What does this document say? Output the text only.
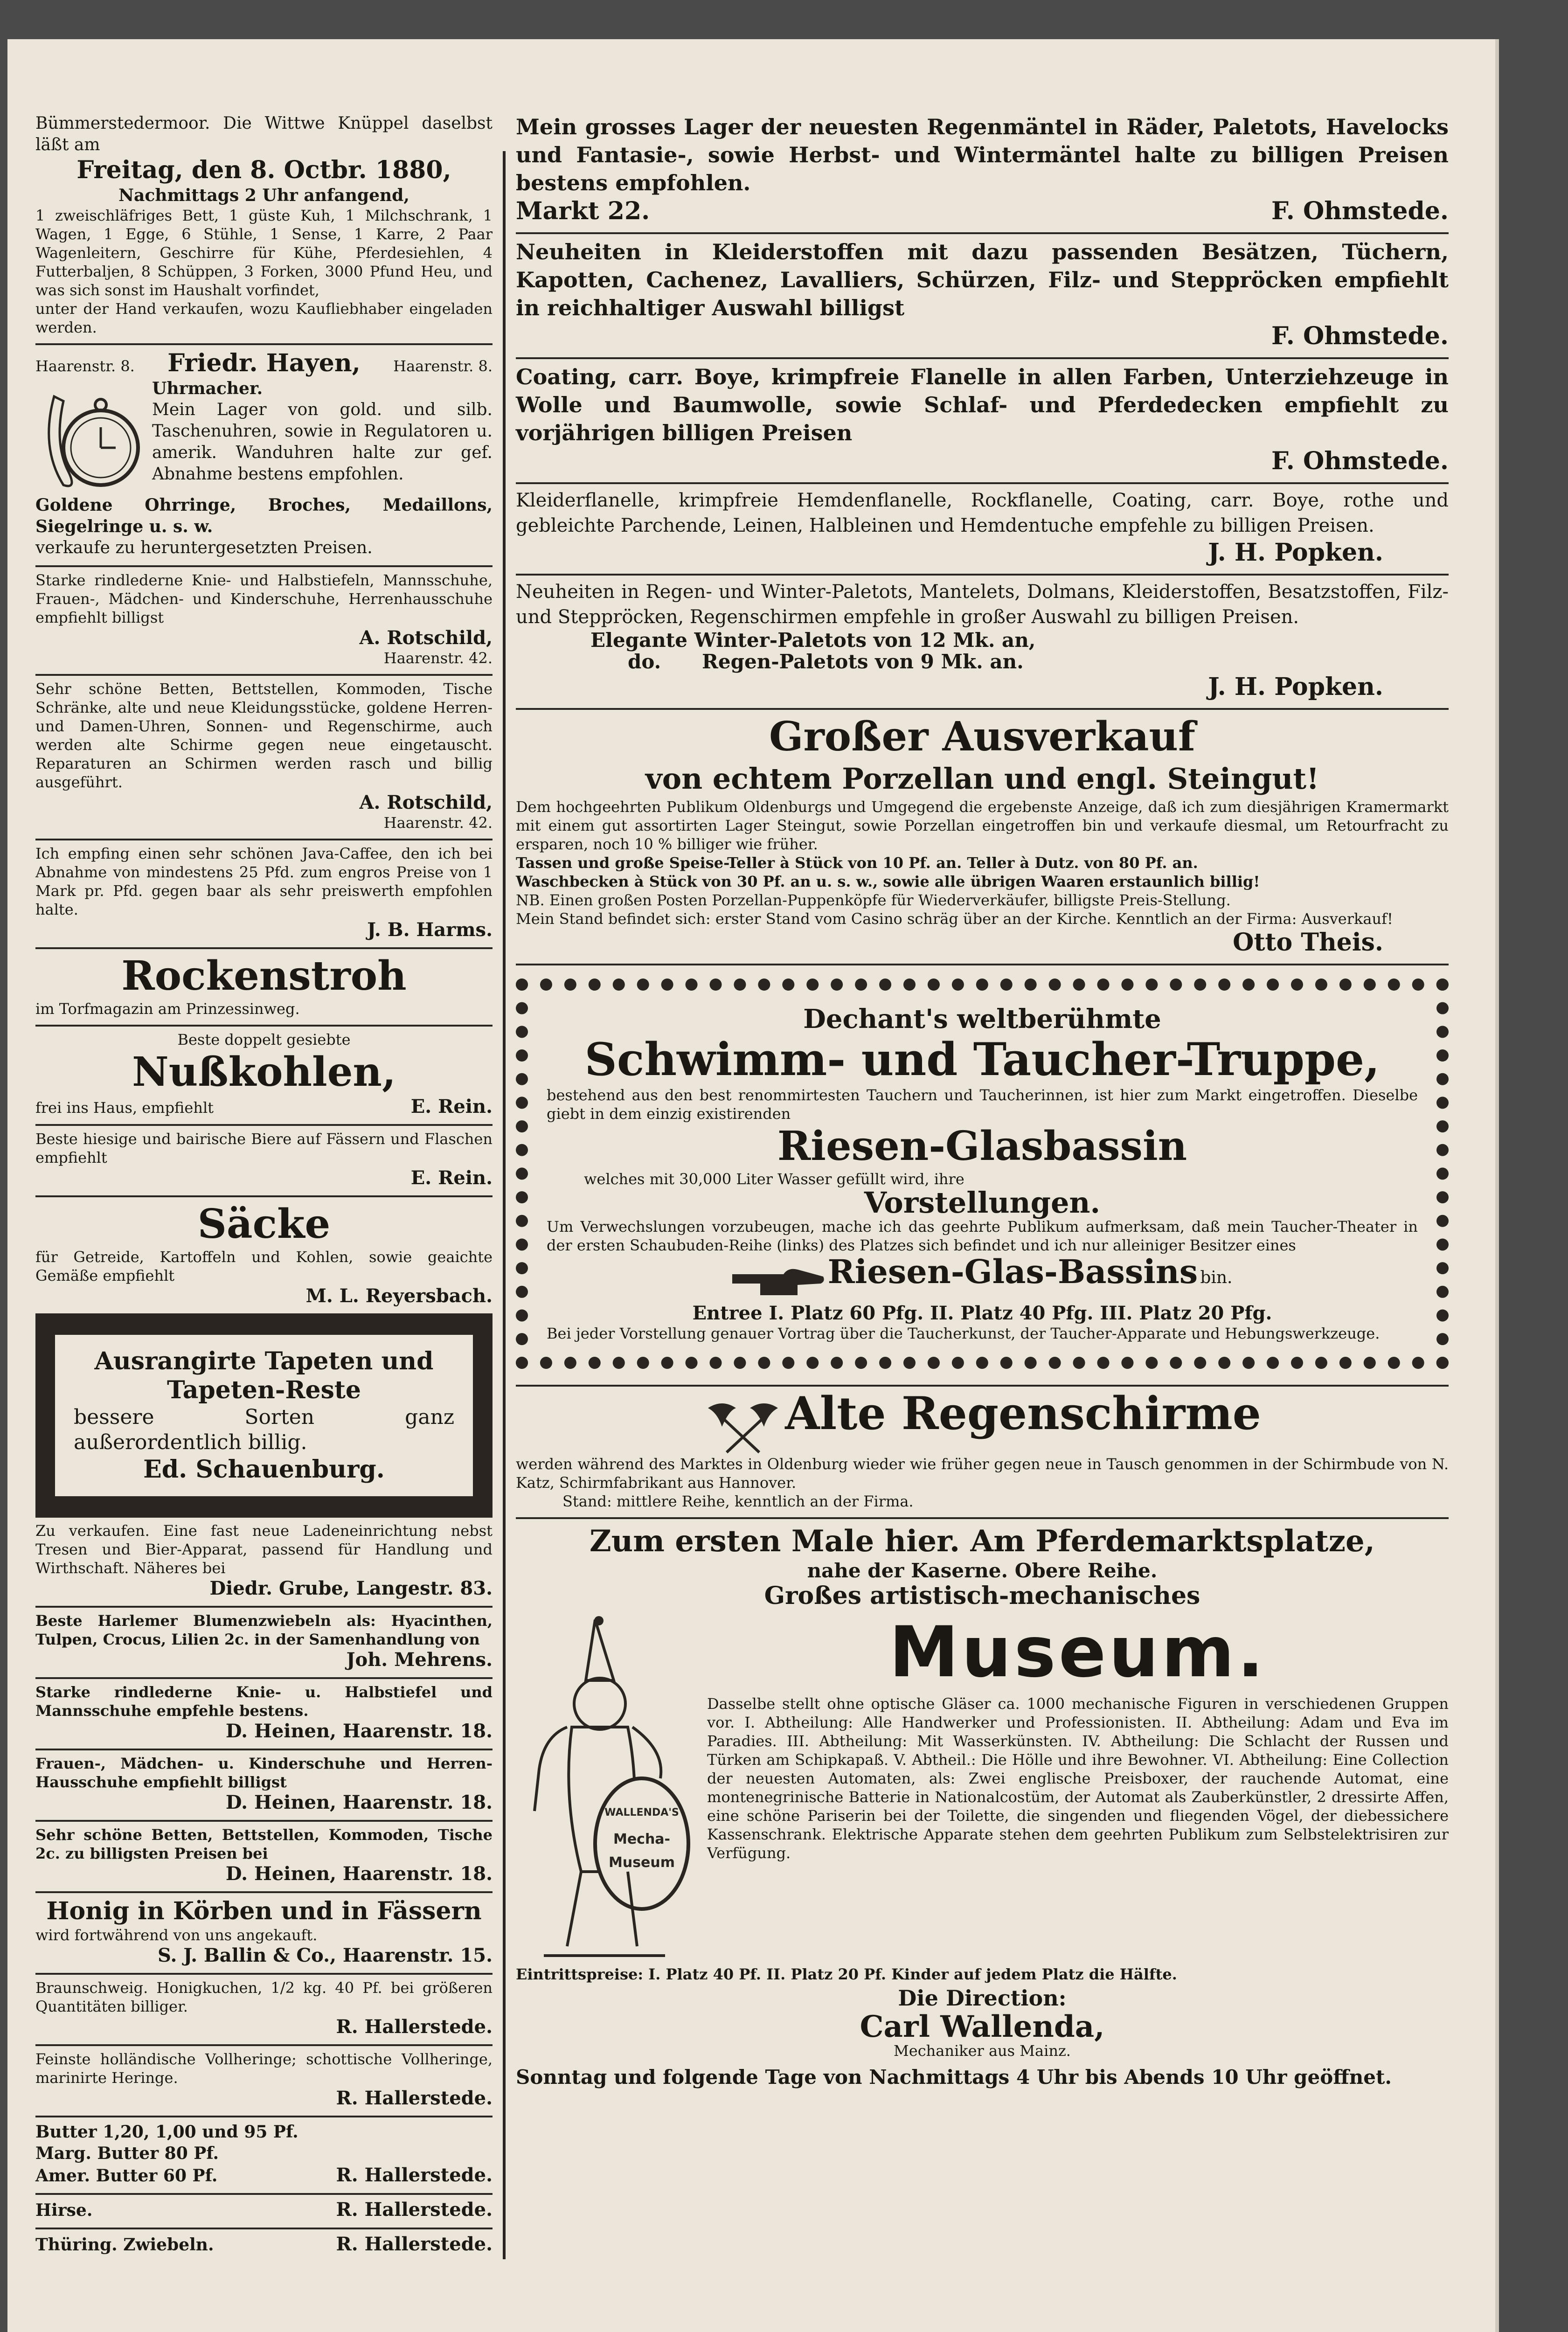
Bümmerstedermoor. Die Wittwe Knüppel daselbst läßt am
Freitag, den 8. Octbr. 1880,
Nachmittags 2 Uhr anfangend,
1 zweischläfriges Bett, 1 güste Kuh, 1 Milchschrank, 1 Wagen, 1 Egge, 6 Stühle, 1 Sense, 1 Karre, 2 Paar Wagenleitern, Geschirre für Kühe, Pferdesiehlen, 4 Futterbaljen, 8 Schüppen, 3 Forken, 3000 Pfund Heu, und was sich sonst im Haushalt vorfindet,
unter der Hand verkaufen, wozu Kaufliebhaber eingeladen werden.
Haarenstr. 8. Friedr. Hayen, Haarenstr. 8.
Uhrmacher.
Mein Lager von gold. und silb. Taschenuhren, sowie in Regulatoren u. amerik. Wanduhren halte zur gef. Abnahme bestens empfohlen.
Goldene Ohrringe, Broches, Medaillons, Siegelringe u. s. w.
verkaufe zu heruntergesetzten Preisen.
Starke rindlederne Knie- und Halbstiefeln, Mannsschuhe, Frauen-, Mädchen- und Kinderschuhe, Herrenhausschuhe empfiehlt billigst
A. Rotschild,
Haarenstr. 42.
Sehr schöne Betten, Bettstellen, Kommoden, Tische Schränke, alte und neue Kleidungsstücke, goldene Herren- und Damen-Uhren, Sonnen- und Regenschirme, auch werden alte Schirme gegen neue eingetauscht. Reparaturen an Schirmen werden rasch und billig ausgeführt.
A. Rotschild,
Haarenstr. 42.
Ich empfing einen sehr schönen Java-Caffee, den ich bei Abnahme von mindestens 25 Pfd. zum engros Preise von 1 Mark pr. Pfd. gegen baar als sehr preiswerth empfohlen halte.
J. B. Harms.
Rockenstroh
im Torfmagazin am Prinzessinweg.
Beste doppelt gesiebte
Nußkohlen,
frei ins Haus, empfiehlt	E. Rein.
Beste hiesige und bairische Biere auf Fässern und Flaschen empfiehlt
E. Rein.
Säcke
für Getreide, Kartoffeln und Kohlen, sowie geaichte Gemäße empfiehlt
M. L. Reyersbach.
Ausrangirte Tapeten und
Tapeten-Reste
bessere Sorten ganz außerordentlich billig.
Ed. Schauenburg.
Zu verkaufen. Eine fast neue Ladeneinrichtung nebst Tresen und Bier-Apparat, passend für Handlung und Wirthschaft. Näheres bei
Diedr. Grube, Langestr. 83.
Beste Harlemer Blumenzwiebeln als: Hyacinthen, Tulpen, Crocus, Lilien 2c. in der Samenhandlung von
Joh. Mehrens.
Starke rindlederne Knie- u. Halbstiefel und Mannsschuhe empfehle bestens.
D. Heinen, Haarenstr. 18.
Frauen-, Mädchen- u. Kinderschuhe und Herren-Hausschuhe empfiehlt billigst
D. Heinen, Haarenstr. 18.
Sehr schöne Betten, Bettstellen, Kommoden, Tische 2c. zu billigsten Preisen bei
D. Heinen, Haarenstr. 18.
Honig in Körben und in Fässern
wird fortwährend von uns angekauft.
S. J. Ballin & Co., Haarenstr. 15.
Braunschweig. Honigkuchen, 1/2 kg. 40 Pf. bei größeren Quantitäten billiger.
R. Hallerstede.
Feinste holländische Vollheringe; schottische Vollheringe, marinirte Heringe.
R. Hallerstede.
Butter 1,20, 1,00 und 95 Pf.
Marg. Butter 80 Pf.
Amer. Butter 60 Pf.	R. Hallerstede.
Hirse.	R. Hallerstede.
Thüring. Zwiebeln.	R. Hallerstede.
Mein grosses Lager der neuesten Regenmäntel in Räder, Paletots, Havelocks und Fantasie-, sowie Herbst- und Wintermäntel halte zu billigen Preisen bestens empfohlen.
Markt 22.	F. Ohmstede.
Neuheiten in Kleiderstoffen mit dazu passenden Besätzen, Tüchern, Kapotten, Cachenez, Lavalliers, Schürzen, Filz- und Steppröcken empfiehlt in reichhaltiger Auswahl billigst
F. Ohmstede.
Coating, carr. Boye, krimpfreie Flanelle in allen Farben, Unterziehzeuge in Wolle und Baumwolle, sowie Schlaf- und Pferdedecken empfiehlt zu vorjährigen billigen Preisen
F. Ohmstede.
Kleiderflanelle, krimpfreie Hemdenflanelle, Rockflanelle, Coating, carr. Boye, rothe und gebleichte Parchende, Leinen, Halbleinen und Hemdentuche empfehle zu billigen Preisen.
J. H. Popken.
Neuheiten in Regen- und Winter-Paletots, Mantelets, Dolmans, Kleiderstoffen, Besatzstoffen, Filz- und Steppröcken, Regenschirmen empfehle in großer Auswahl zu billigen Preisen.
Elegante Winter-Paletots von 12 Mk. an,
do.      Regen-Paletots von 9 Mk. an.
J. H. Popken.
Großer Ausverkauf
von echtem Porzellan und engl. Steingut!
Dem hochgeehrten Publikum Oldenburgs und Umgegend die ergebenste Anzeige, daß ich zum diesjährigen Kramermarkt mit einem gut assortirten Lager Steingut, sowie Porzellan eingetroffen bin und verkaufe diesmal, um Retourfracht zu ersparen, noch 10 % billiger wie früher.
Tassen und große Speise-Teller à Stück von 10 Pf. an. Teller à Dutz. von 80 Pf. an.
Waschbecken à Stück von 30 Pf. an u. s. w., sowie alle übrigen Waaren erstaunlich billig!
NB. Einen großen Posten Porzellan-Puppenköpfe für Wiederverkäufer, billigste Preis-Stellung.
Mein Stand befindet sich: erster Stand vom Casino schräg über an der Kirche. Kenntlich an der Firma: Ausverkauf!
Otto Theis.
Dechant's weltberühmte
Schwimm- und Taucher-Truppe,
bestehend aus den best renommirtesten Tauchern und Taucherinnen, ist hier zum Markt eingetroffen. Dieselbe giebt in dem einzig existirenden
Riesen-Glasbassin
welches mit 30,000 Liter Wasser gefüllt wird, ihre
Vorstellungen.
Um Verwechslungen vorzubeugen, mache ich das geehrte Publikum aufmerksam, daß mein Taucher-Theater in der ersten Schaubuden-Reihe (links) des Platzes sich befindet und ich nur alleiniger Besitzer eines
Riesen-Glas-Bassins bin.
Entree I. Platz 60 Pfg. II. Platz 40 Pfg. III. Platz 20 Pfg.
Bei jeder Vorstellung genauer Vortrag über die Taucherkunst, der Taucher-Apparate und Hebungswerkzeuge.
Alte Regenschirme
werden während des Marktes in Oldenburg wieder wie früher gegen neue in Tausch genommen in der Schirmbude von N. Katz, Schirmfabrikant aus Hannover.
Stand: mittlere Reihe, kenntlich an der Firma.
Zum ersten Male hier. Am Pferdemarktsplatze,
nahe der Kaserne. Obere Reihe.
Großes artistisch-mechanisches
WALLENDA'S
Mecha-
Museum
Museum.
Dasselbe stellt ohne optische Gläser ca. 1000 mechanische Figuren in verschiedenen Gruppen vor. I. Abtheilung: Alle Handwerker und Professionisten. II. Abtheilung: Adam und Eva im Paradies. III. Abtheilung: Mit Wasserkünsten. IV. Abtheilung: Die Schlacht der Russen und Türken am Schipkapaß. V. Abtheil.: Die Hölle und ihre Bewohner. VI. Abtheilung: Eine Collection der neuesten Automaten, als: Zwei englische Preisboxer, der rauchende Automat, eine montenegrinische Batterie in Nationalcostüm, der Automat als Zauberkünstler, 2 dressirte Affen, eine schöne Pariserin bei der Toilette, die singenden und fliegenden Vögel, der diebessichere Kassenschrank. Elektrische Apparate stehen dem geehrten Publikum zum Selbstelektrisiren zur Verfügung.
Eintrittspreise: I. Platz 40 Pf. II. Platz 20 Pf. Kinder auf jedem Platz die Hälfte.
Die Direction:
Carl Wallenda,
Mechaniker aus Mainz.
Sonntag und folgende Tage von Nachmittags 4 Uhr bis Abends 10 Uhr geöffnet.
